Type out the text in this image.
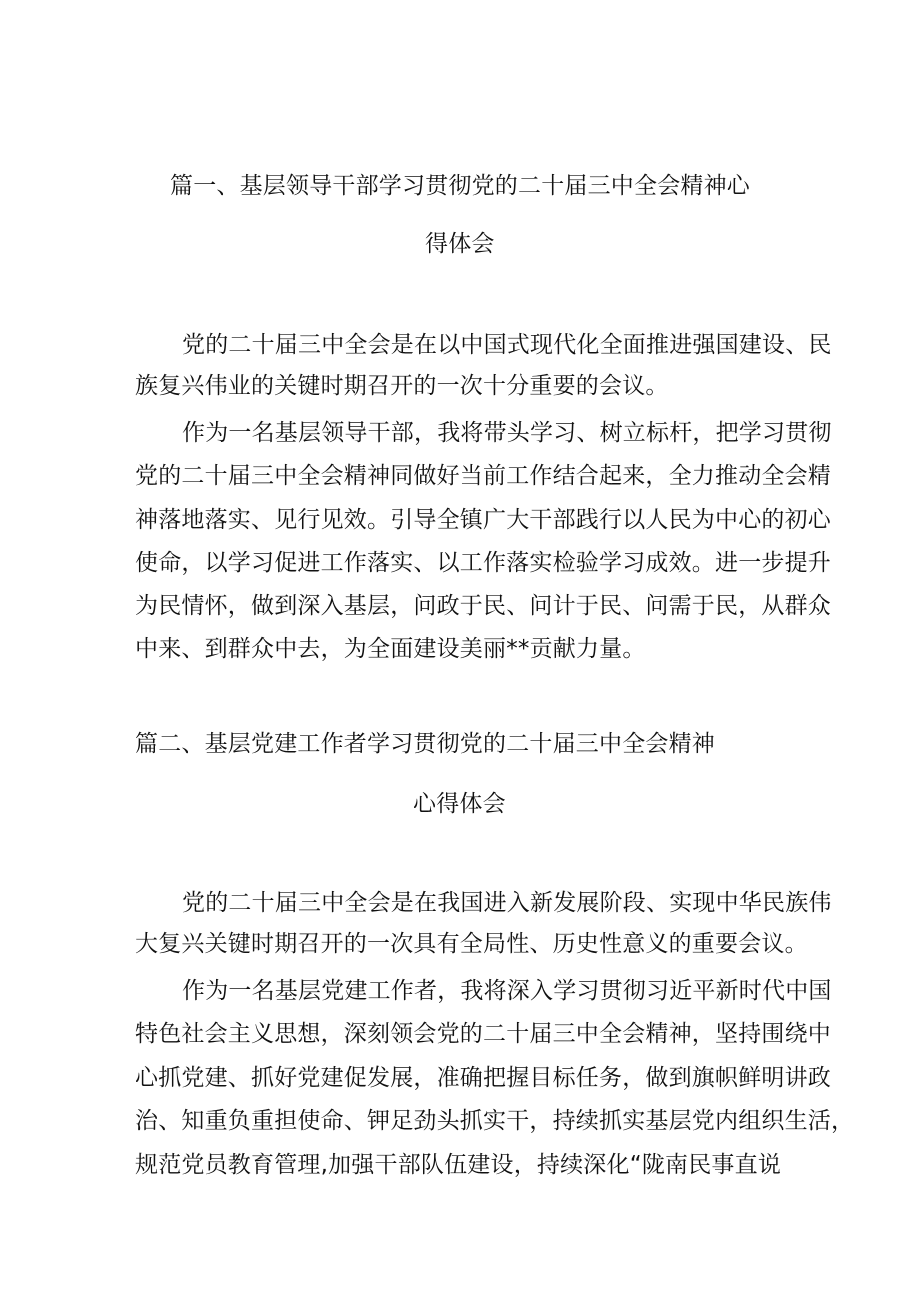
篇一、基层领导干部学习贯彻党的二十届三中全会精神心
得体会
党的二十届三中全会是在以中国式现代化全面推进强国建设、民
族复兴伟业的关键时期召开的一次十分重要的会议。
作为一名基层领导干部，我将带头学习、树立标杆，把学习贯彻
党的二十届三中全会精神同做好当前工作结合起来，全力推动全会精
神落地落实、见行见效。引导全镇广大干部践行以人民为中心的初心
使命，以学习促进工作落实、以工作落实检验学习成效。进一步提升
为民情怀，做到深入基层，问政于民、问计于民、问需于民，从群众
中来、到群众中去，为全面建设美丽**贡献力量。
篇二、基层党建工作者学习贯彻党的二十届三中全会精神
心得体会
党的二十届三中全会是在我国进入新发展阶段、实现中华民族伟
大复兴关键时期召开的一次具有全局性、历史性意义的重要会议。
作为一名基层党建工作者，我将深入学习贯彻习近平新时代中国
特色社会主义思想，深刻领会党的二十届三中全会精神，坚持围绕中
心抓党建、抓好党建促发展，准确把握目标任务，做到旗帜鲜明讲政
治、知重负重担使命、钾足劲头抓实干，持续抓实基层党内组织生活，
规范党员教育管理,加强干部队伍建设，持续深化“陇南民事直说
